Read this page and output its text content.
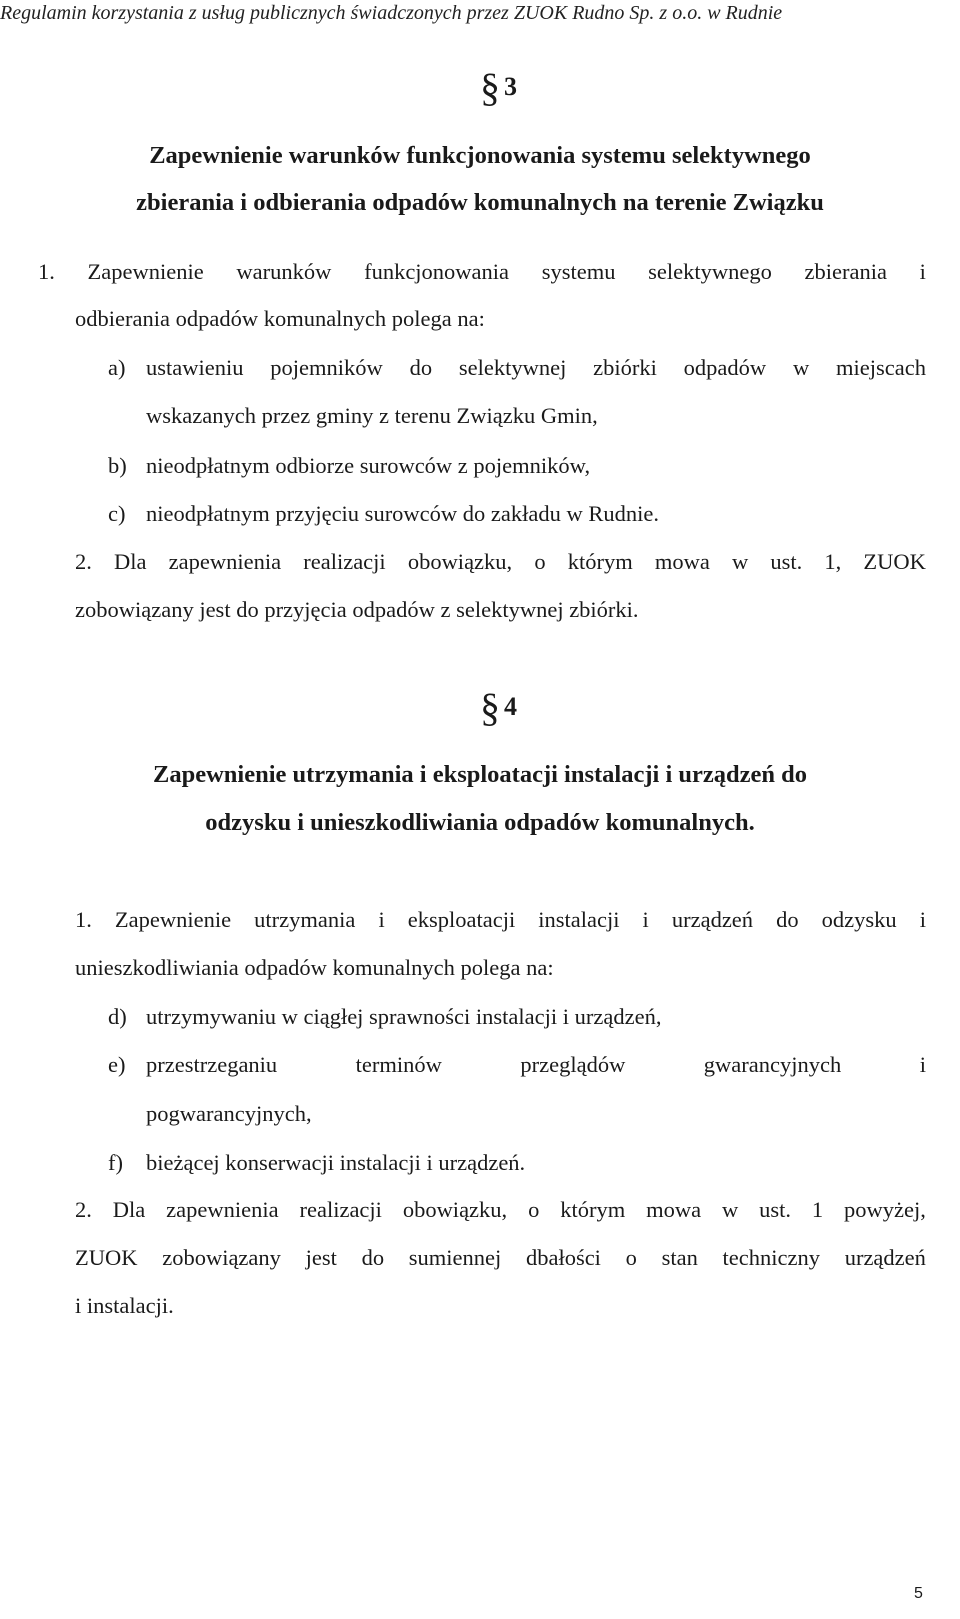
Regulamin korzystania z usług publicznych świadczonych przez ZUOK Rudno Sp. z o.o. w Rudnie
§ 3
Zapewnienie warunków funkcjonowania systemu selektywnego
zbierania i odbierania odpadów komunalnych na terenie Związku
1. Zapewnienie warunków funkcjonowania systemu selektywnego zbierania i
odbierania odpadów komunalnych polega na:
a) ustawieniu pojemników do selektywnej zbiórki odpadów w miejscach
wskazanych przez gminy z terenu Związku Gmin,
b) nieodpłatnym odbiorze surowców z pojemników,
c) nieodpłatnym przyjęciu surowców do zakładu w Rudnie.
2. Dla zapewnienia realizacji obowiązku, o którym mowa w ust. 1, ZUOK
zobowiązany jest do przyjęcia odpadów z selektywnej zbiórki.
§ 4
Zapewnienie utrzymania i eksploatacji instalacji i urządzeń do
odzysku i unieszkodliwiania odpadów komunalnych.
1. Zapewnienie utrzymania i eksploatacji instalacji i urządzeń do odzysku i
unieszkodliwiania odpadów komunalnych polega na:
d) utrzymywaniu w ciągłej sprawności instalacji i urządzeń,
e) przestrzeganiu	terminów	przeglądów	gwarancyjnych	i
pogwarancyjnych,
f) bieżącej konserwacji instalacji i urządzeń.
2. Dla zapewnienia realizacji obowiązku, o którym mowa w ust. 1 powyżej,
ZUOK zobowiązany jest do sumiennej dbałości o stan techniczny urządzeń
i instalacji.
5
